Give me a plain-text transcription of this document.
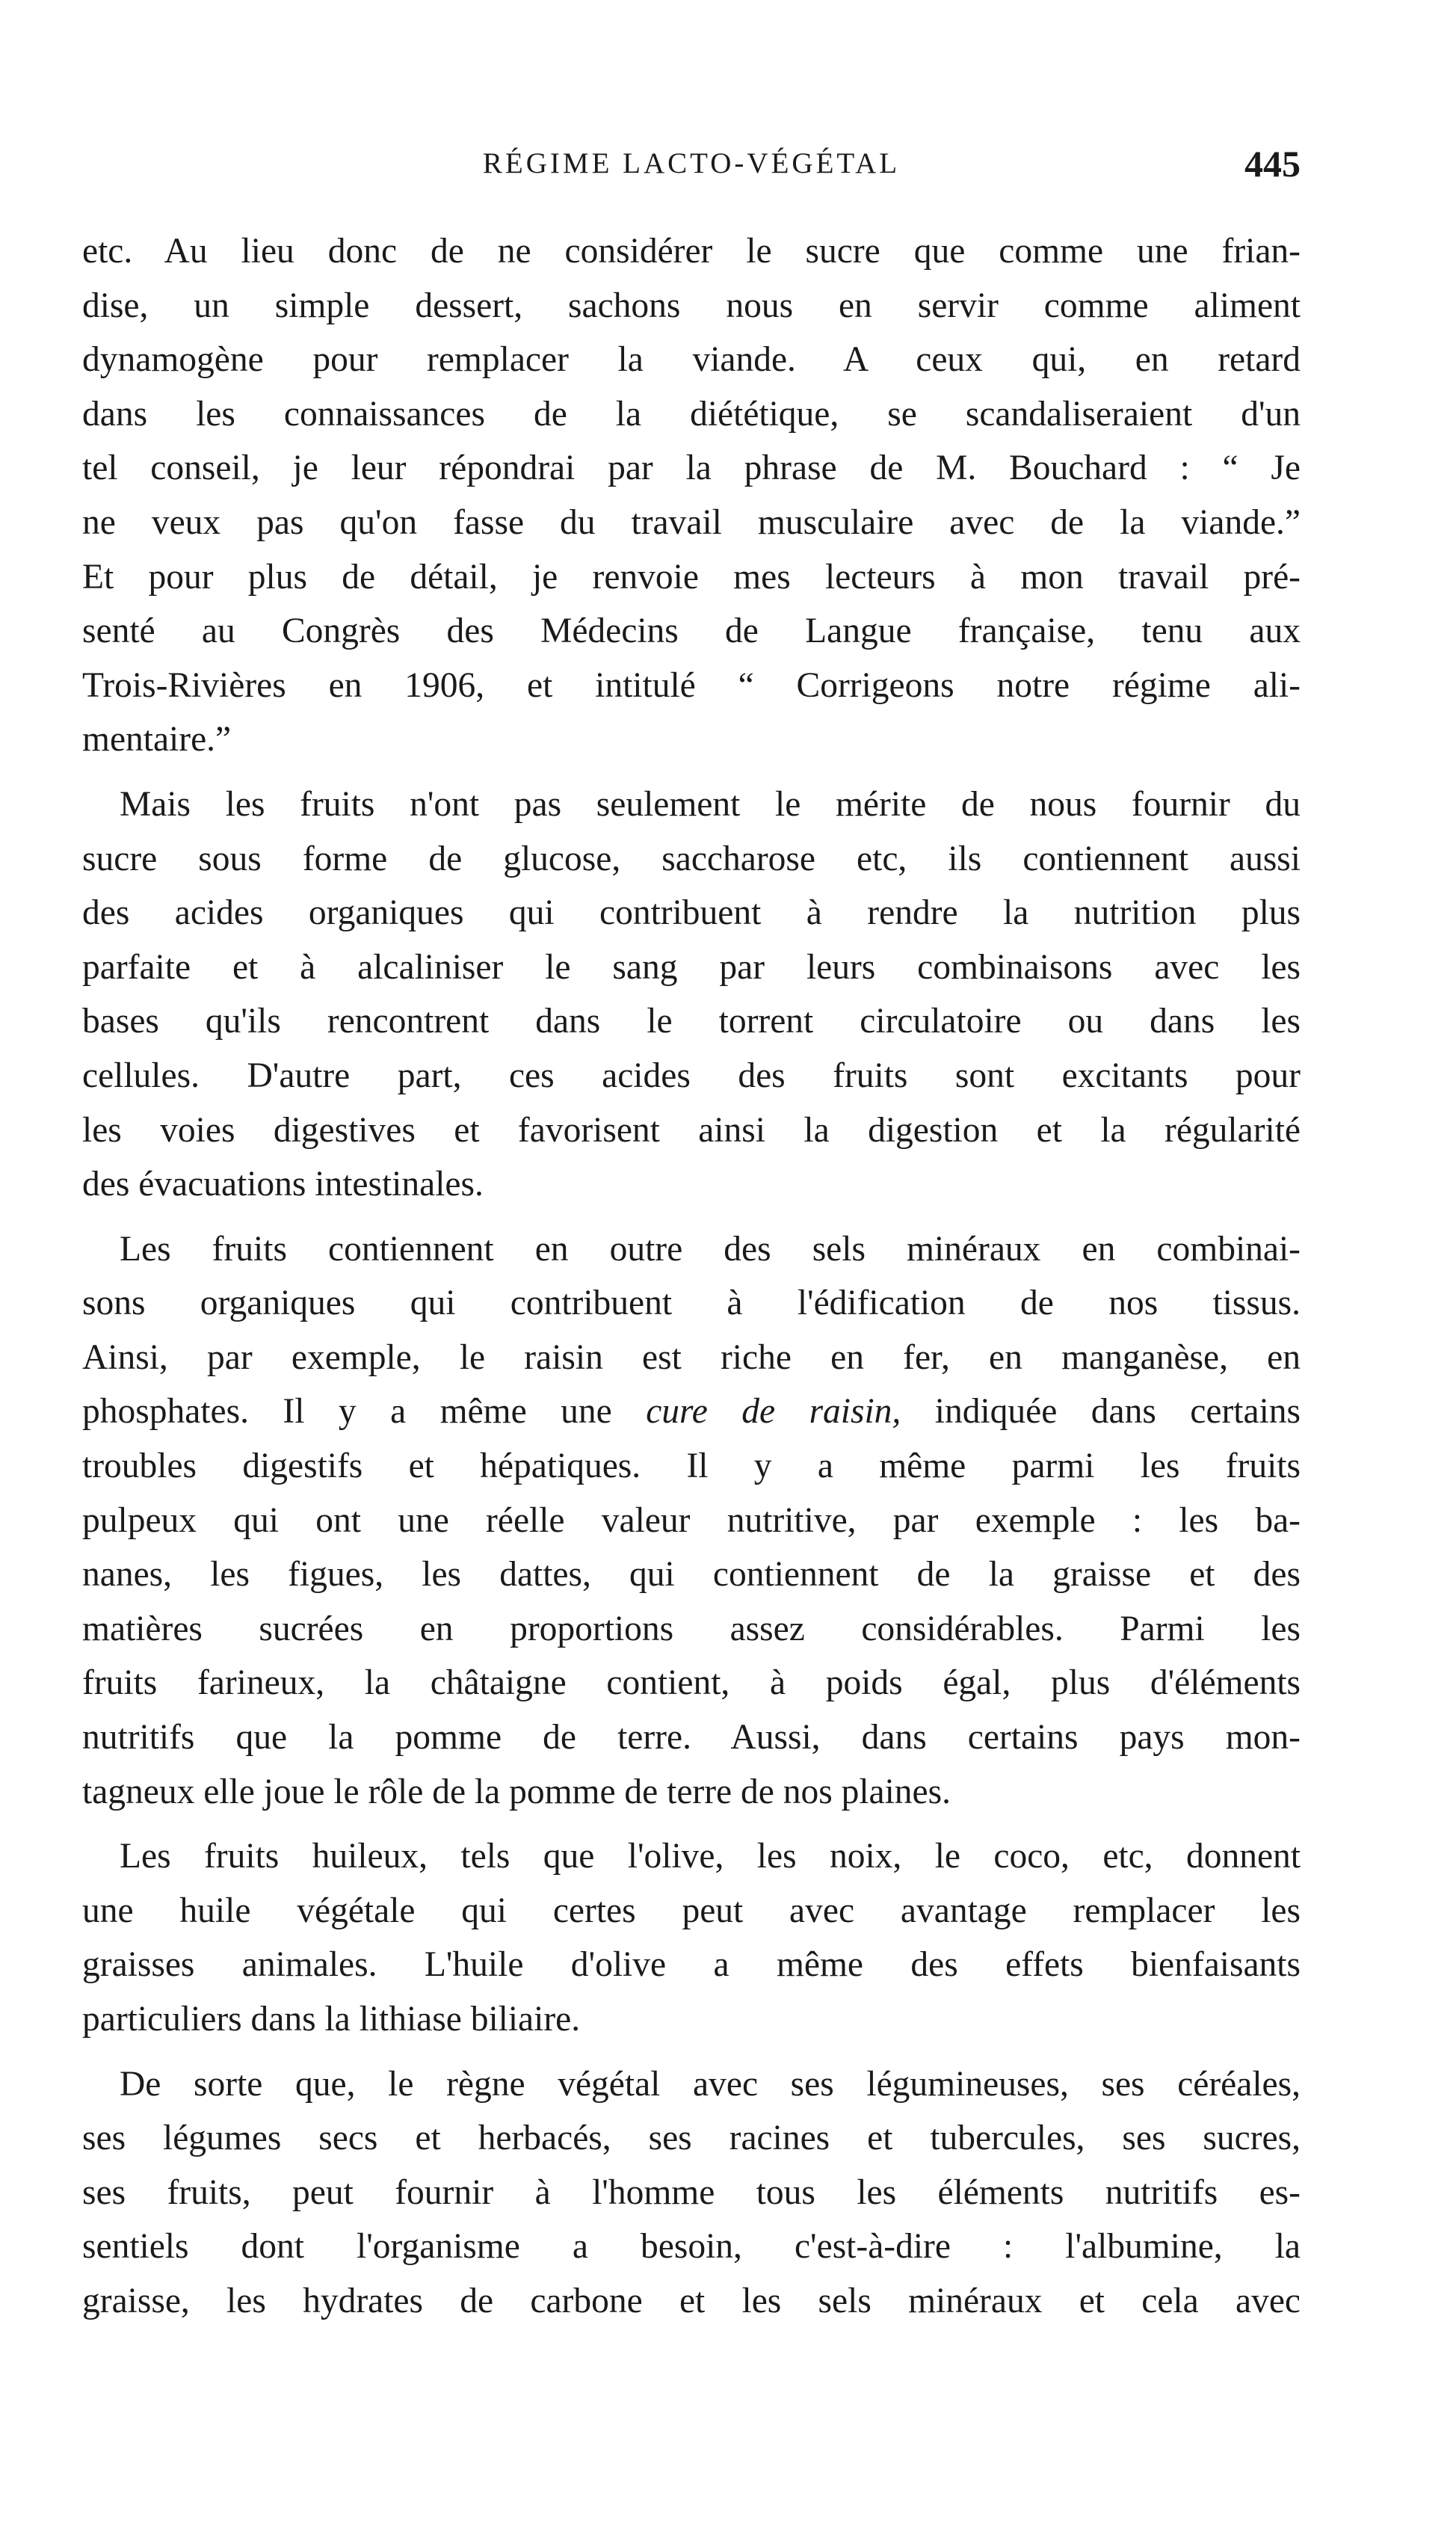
RÉGIME LACTO-VÉGÉTAL	445

etc. Au lieu donc de ne considérer le sucre que comme une frian-
dise, un simple dessert, sachons nous en servir comme aliment
dynamogène pour remplacer la viande. A ceux qui, en retard
dans les connaissances de la diététique, se scandaliseraient d'un
tel conseil, je leur répondrai par la phrase de M. Bouchard : “ Je
ne veux pas qu'on fasse du travail musculaire avec de la viande.”
Et pour plus de détail, je renvoie mes lecteurs à mon travail pré-
senté au Congrès des Médecins de Langue française, tenu aux
Trois-Rivières en 1906, et intitulé “ Corrigeons notre régime ali-
mentaire.”

Mais les fruits n'ont pas seulement le mérite de nous fournir du
sucre sous forme de glucose, saccharose etc, ils contiennent aussi
des acides organiques qui contribuent à rendre la nutrition plus
parfaite et à alcaliniser le sang par leurs combinaisons avec les
bases qu'ils rencontrent dans le torrent circulatoire ou dans les
cellules. D'autre part, ces acides des fruits sont excitants pour
les voies digestives et favorisent ainsi la digestion et la régularité
des évacuations intestinales.

Les fruits contiennent en outre des sels minéraux en combinai-
sons organiques qui contribuent à l'édification de nos tissus.
Ainsi, par exemple, le raisin est riche en fer, en manganèse, en
phosphates. Il y a même une cure de raisin, indiquée dans certains
troubles digestifs et hépatiques. Il y a même parmi les fruits
pulpeux qui ont une réelle valeur nutritive, par exemple : les ba-
nanes, les figues, les dattes, qui contiennent de la graisse et des
matières sucrées en proportions assez considérables. Parmi les
fruits farineux, la châtaigne contient, à poids égal, plus d'éléments
nutritifs que la pomme de terre. Aussi, dans certains pays mon-
tagneux elle joue le rôle de la pomme de terre de nos plaines.

Les fruits huileux, tels que l'olive, les noix, le coco, etc, donnent
une huile végétale qui certes peut avec avantage remplacer les
graisses animales. L'huile d'olive a même des effets bienfaisants
particuliers dans la lithiase biliaire.

De sorte que, le règne végétal avec ses légumineuses, ses céréales,
ses légumes secs et herbacés, ses racines et tubercules, ses sucres,
ses fruits, peut fournir à l'homme tous les éléments nutritifs es-
sentiels dont l'organisme a besoin, c'est-à-dire : l'albumine, la
graisse, les hydrates de carbone et les sels minéraux et cela avec
